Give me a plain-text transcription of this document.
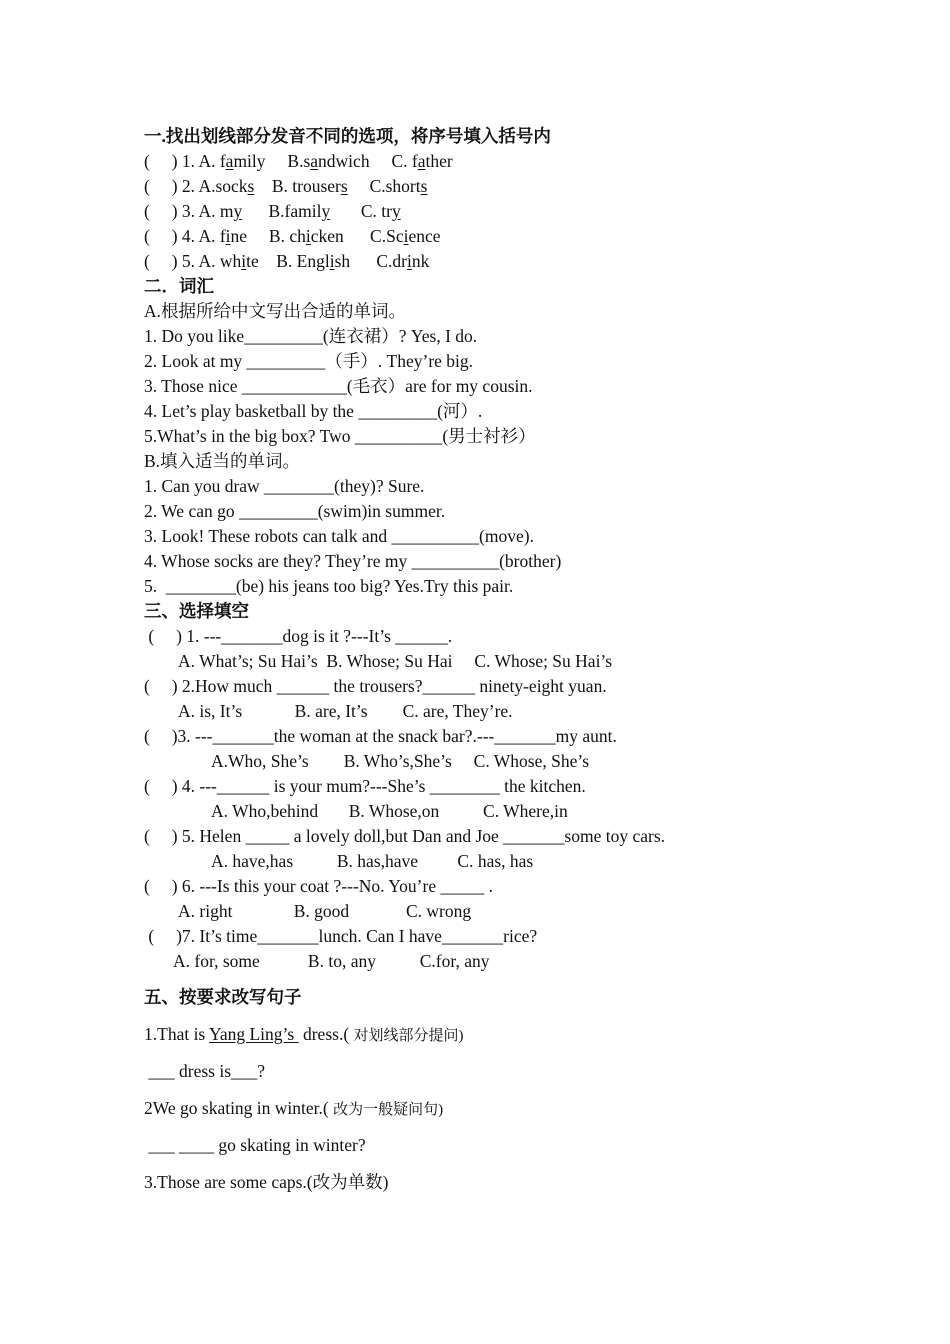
一.找出划线部分发音不同的选项，将序号填入括号内
(     ) 1. A. family     B.sandwich     C. father
(     ) 2. A.socks    B. trousers     C.shorts
(     ) 3. A. my      B.family       C. try
(     ) 4. A. fine     B. chicken      C.Science
(     ) 5. A. white    B. English      C.drink
二．词汇
A.根据所给中文写出合适的单词。
1. Do you like_________(连衣裙）? Yes, I do.
2. Look at my _________（手）. They’re big.
3. Those nice ____________(毛衣）are for my cousin.
4. Let’s play basketball by the _________(河）.
5.What’s in the big box? Two __________(男士衬衫）
B.填入适当的单词。
1. Can you draw ________(they)? Sure.
2. We can go _________(swim)in summer.
3. Look! These robots can talk and __________(move).
4. Whose socks are they? They’re my __________(brother)
5.  ________(be) his jeans too big? Yes.Try this pair.
三、选择填空
(     ) 1. ---_______dog is it ?---It’s ______.
A. What’s; Su Hai’s  B. Whose; Su Hai     C. Whose; Su Hai’s
(     ) 2.How much ______ the trousers?______ ninety-eight yuan.
A. is, It’s            B. are, It’s        C. are, They’re.
(     )3. ---_______the woman at the snack bar?.---_______my aunt.
A.Who, She’s        B. Who’s,She’s     C. Whose, She’s
(     ) 4. ---______ is your mum?---She’s ________ the kitchen.
A. Who,behind       B. Whose,on          C. Where,in
(     ) 5. Helen _____ a lovely doll,but Dan and Joe _______some toy cars.
A. have,has          B. has,have         C. has, has
(     ) 6. ---Is this your coat ?---No. You’re _____ .
A. right              B. good             C. wrong
(     )7. It’s time_______lunch. Can I have_______rice?
A. for, some           B. to, any          C.for, any
五、按要求改写句子
1.That is Yang Ling’s  dress.( 对划线部分提问)
___ dress is___?
2We go skating in winter.( 改为一般疑问句)
___ ____ go skating in winter?
3.Those are some caps.(改为单数)
